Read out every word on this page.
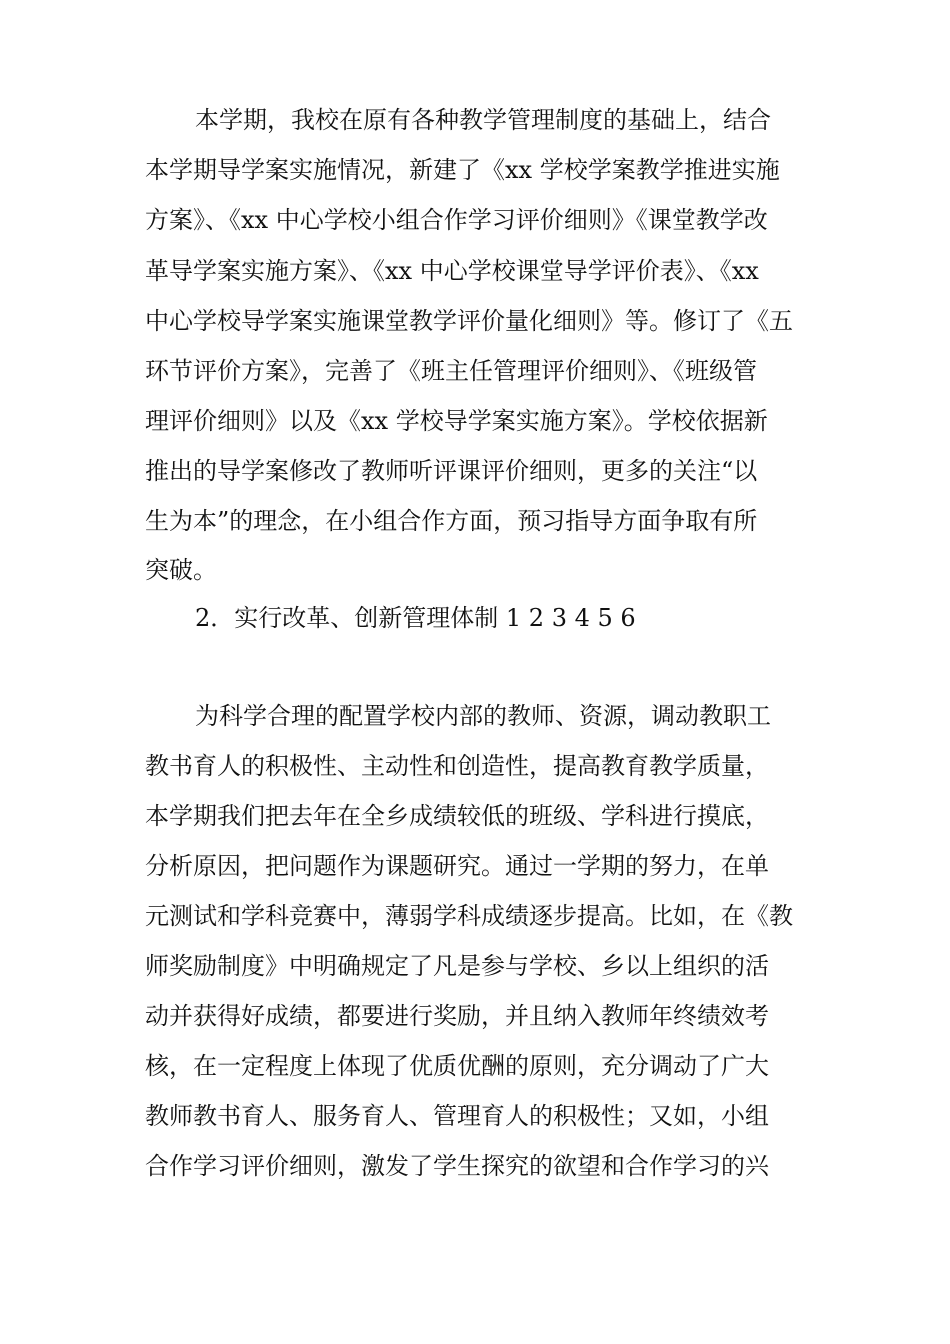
本学期，我校在原有各种教学管理制度的基础上，结合
本学期导学案实施情况，新建了《xx 学校学案教学推进实施
方案》、《xx 中心学校小组合作学习评价细则》《课堂教学改
革导学案实施方案》、《xx 中心学校课堂导学评价表》、《xx
中心学校导学案实施课堂教学评价量化细则》等。修订了《五
环节评价方案》，完善了《班主任管理评价细则》、《班级管
理评价细则》以及《xx 学校导学案实施方案》。学校依据新
推出的导学案修改了教师听评课评价细则，更多的关注“以
生为本”的理念，在小组合作方面，预习指导方面争取有所
突破。
2．实行改革、创新管理体制 1 2 3 4 5 6
为科学合理的配置学校内部的教师、资源，调动教职工
教书育人的积极性、主动性和创造性，提高教育教学质量，
本学期我们把去年在全乡成绩较低的班级、学科进行摸底，
分析原因，把问题作为课题研究。通过一学期的努力，在单
元测试和学科竞赛中，薄弱学科成绩逐步提高。比如，在《教
师奖励制度》中明确规定了凡是参与学校、乡以上组织的活
动并获得好成绩，都要进行奖励，并且纳入教师年终绩效考
核，在一定程度上体现了优质优酬的原则，充分调动了广大
教师教书育人、服务育人、管理育人的积极性；又如，小组
合作学习评价细则，激发了学生探究的欲望和合作学习的兴
